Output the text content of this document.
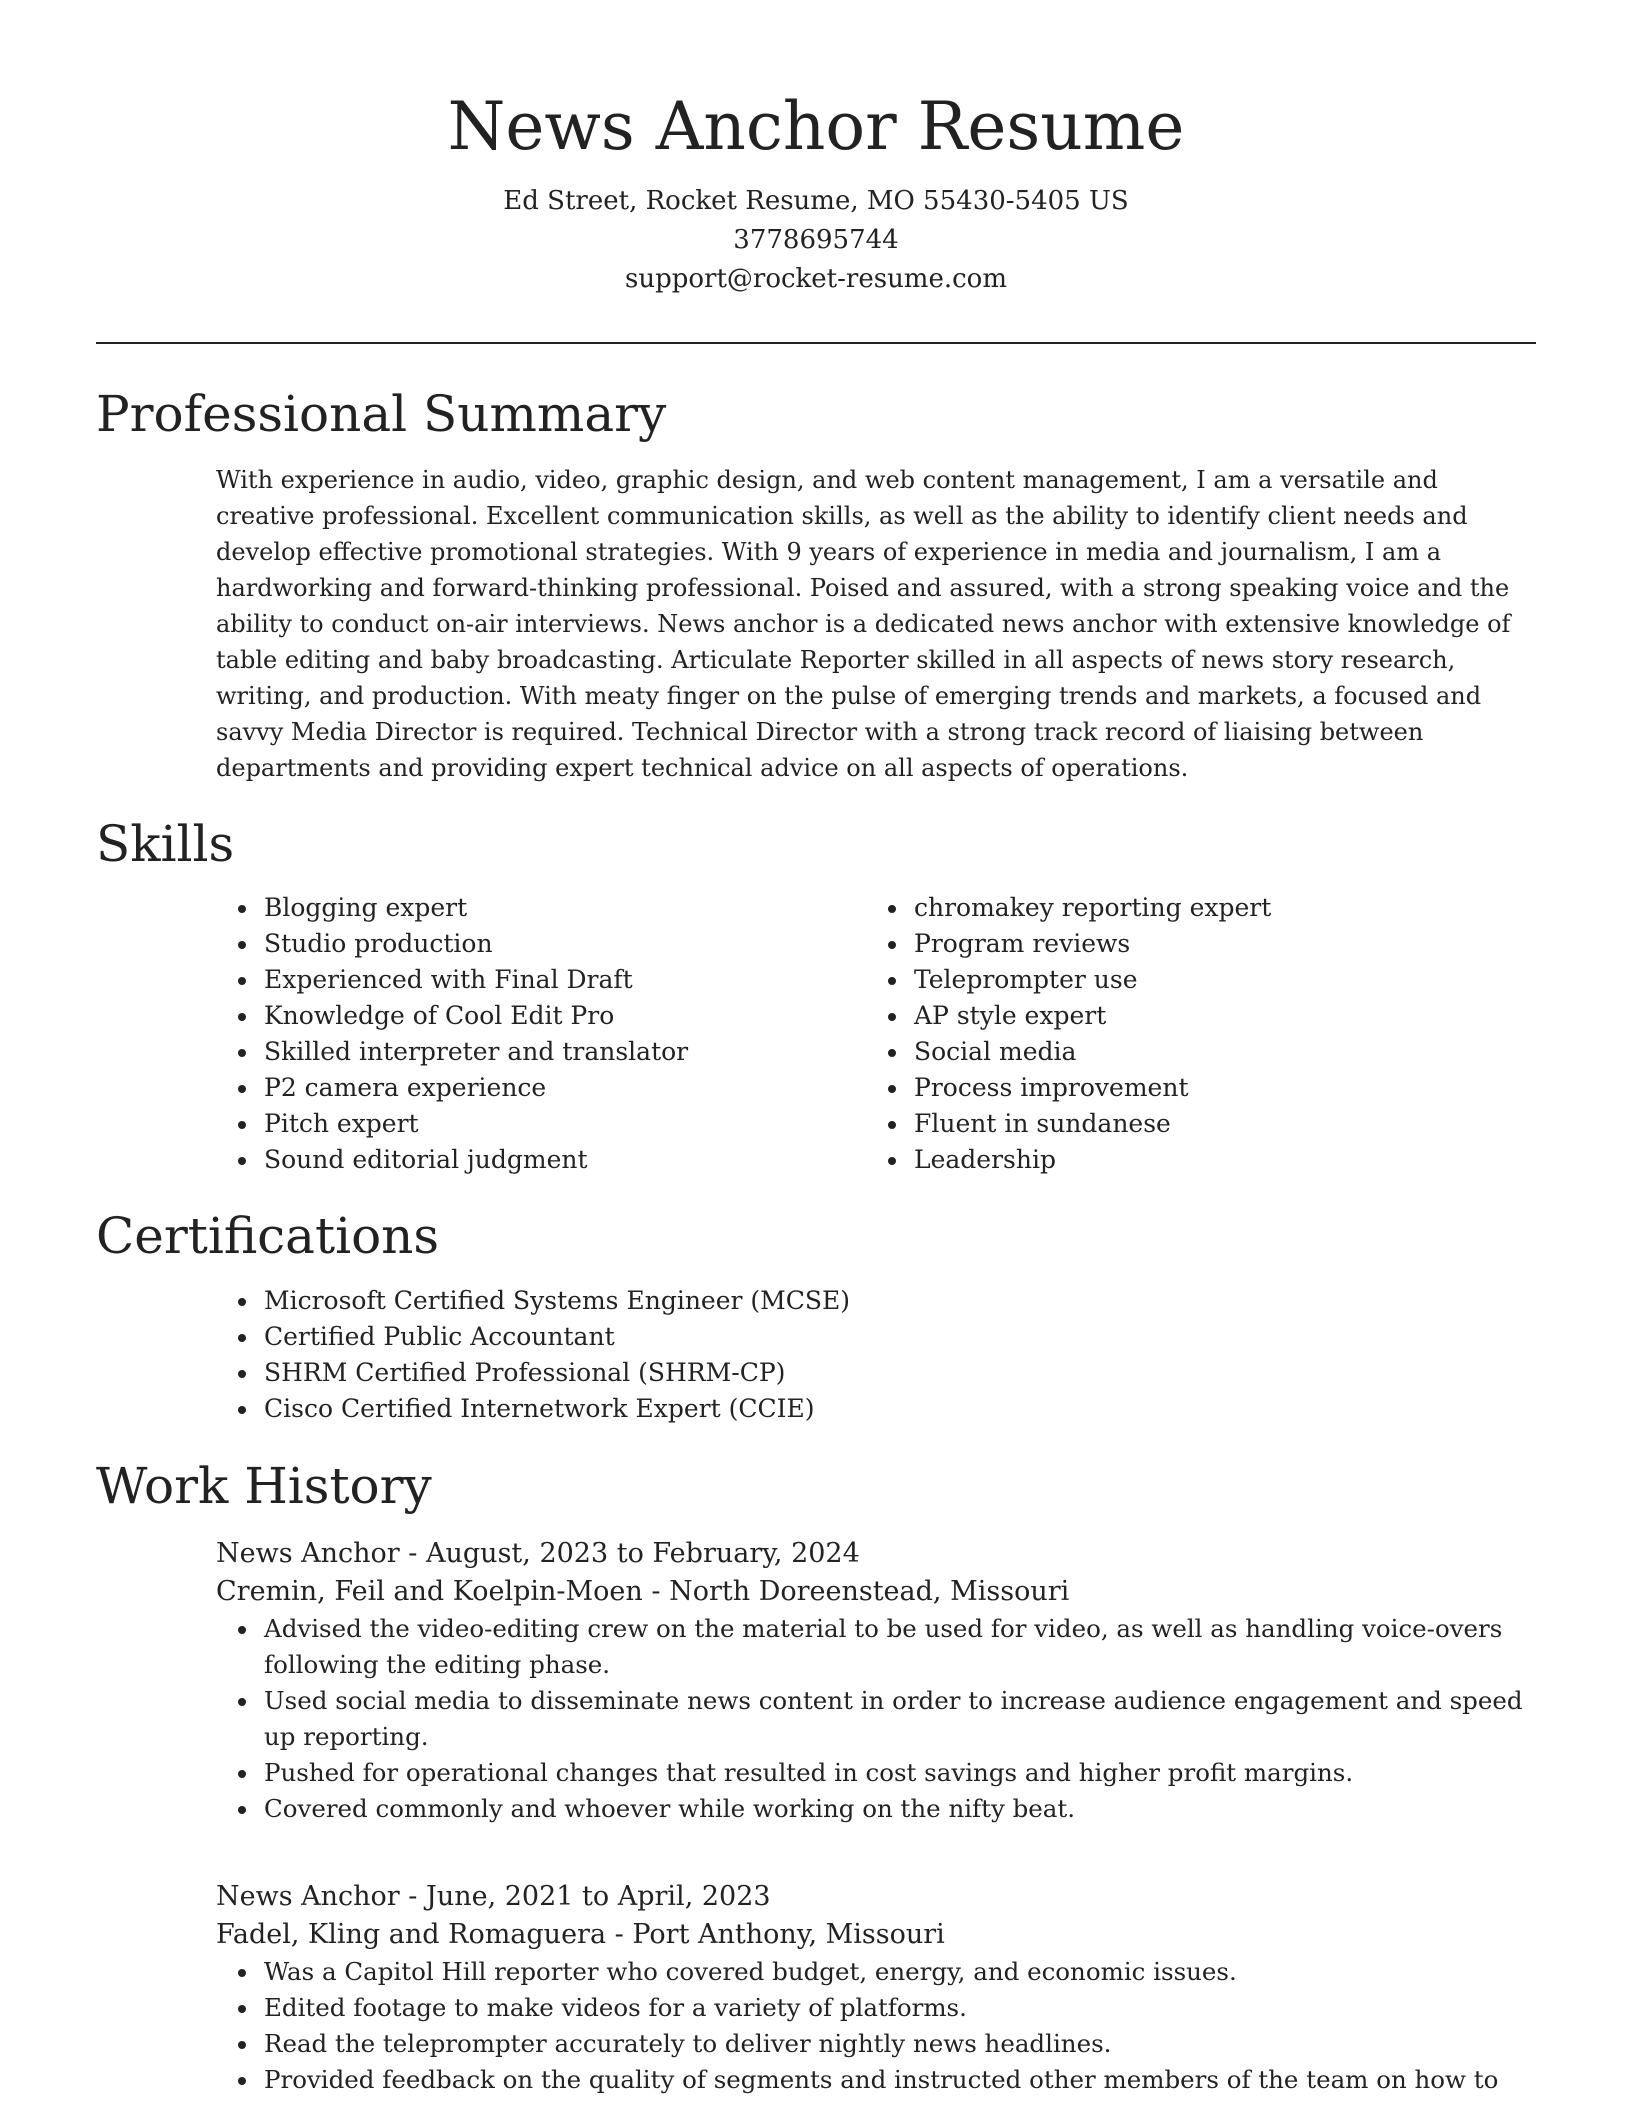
News Anchor Resume
Ed Street, Rocket Resume, MO 55430-5405 US
3778695744
support@rocket-resume.com
Professional Summary

With experience in audio, video, graphic design, and web content management, I am a versatile and creative professional. Excellent communication skills, as well as the ability to identify client needs and develop effective promotional strategies. With 9 years of experience in media and journalism, I am a hardworking and forward-thinking professional. Poised and assured, with a strong speaking voice and the ability to conduct on-air interviews. News anchor is a dedicated news anchor with extensive knowledge of table editing and baby broadcasting. Articulate Reporter skilled in all aspects of news story research, writing, and production. With meaty finger on the pulse of emerging trends and markets, a focused and savvy Media Director is required. Technical Director with a strong track record of liaising between departments and providing expert technical advice on all aspects of operations.

Skills
• Blogging expert
• Studio production
• Experienced with Final Draft
• Knowledge of Cool Edit Pro
• Skilled interpreter and translator
• P2 camera experience
• Pitch expert
• Sound editorial judgment
• chromakey reporting expert
• Program reviews
• Teleprompter use
• AP style expert
• Social media
• Process improvement
• Fluent in sundanese
• Leadership
Certifications
• Microsoft Certified Systems Engineer (MCSE)
• Certified Public Accountant
• SHRM Certified Professional (SHRM-CP)
• Cisco Certified Internetwork Expert (CCIE)
Work History

News Anchor - August, 2023 to February, 2024

Cremin, Feil and Koelpin-Moen - North Doreenstead, Missouri

• Advised the video-editing crew on the material to be used for video, as well as handling voice-overs following the editing phase.
• Used social media to disseminate news content in order to increase audience engagement and speed up reporting.
• Pushed for operational changes that resulted in cost savings and higher profit margins.
• Covered commonly and whoever while working on the nifty beat.

News Anchor - June, 2021 to April, 2023

Fadel, Kling and Romaguera - Port Anthony, Missouri

• Was a Capitol Hill reporter who covered budget, energy, and economic issues.
• Edited footage to make videos for a variety of platforms.
• Read the teleprompter accurately to deliver nightly news headlines.
• Provided feedback on the quality of segments and instructed other members of the team on how to
